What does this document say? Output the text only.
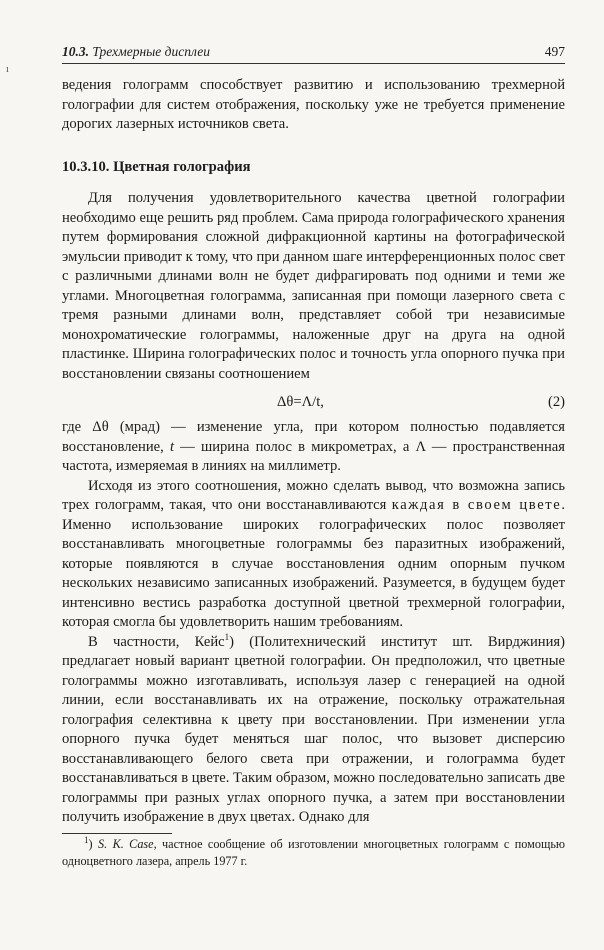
10.3. Трехмерные дисплеи	497
ı

ведения голограмм способствует развитию и использованию трехмерной голографии для систем отображения, поскольку уже не требуется применение дорогих лазерных источников света.

10.3.10. Цветная голография

Для получения удовлетворительного качества цветной голографии необходимо еще решить ряд проблем. Сама природа голографического хранения путем формирования сложной дифракционной картины на фотографической эмульсии приводит к тому, что при данном шаге интерференционных полос свет с различными длинами волн не будет дифрагировать под одними и теми же углами. Многоцветная голограмма, записанная при помощи лазерного света с тремя разными длинами волн, представляет собой три независимые монохроматические голограммы, наложенные друг на друга на одной пластинке. Ширина голографических полос и точность угла опорного пучка при восстановлении связаны соотношением

Δθ=Λ/t,	(2)

где Δθ (мрад) — изменение угла, при котором полностью подавляется восстановление, t — ширина полос в микрометрах, а Λ — пространственная частота, измеряемая в линиях на миллиметр.

Исходя из этого соотношения, можно сделать вывод, что возможна запись трех голограмм, такая, что они восстанавливаются каждая в своем цвете. Именно использование широких голографических полос позволяет восстанавливать многоцветные голограммы без паразитных изображений, которые появляются в случае восстановления одним опорным пучком нескольких независимо записанных изображений. Разумеется, в будущем будет интенсивно вестись разработка доступной цветной трехмерной голографии, которая смогла бы удовлетворить нашим требованиям.

В частности, Кейс$^1$) (Политехнический институт шт. Вирджиния) предлагает новый вариант цветной голографии. Он предположил, что цветные голограммы можно изготавливать, используя лазер с генерацией на одной линии, если восстанавливать их на отражение, поскольку отражательная голография селективна к цвету при восстановлении. При изменении угла опорного пучка будет меняться шаг полос, что вызовет дисперсию восстанавливающего белого света при отражении, и голограмма будет восстанавливаться в цвете. Таким образом, можно последовательно записать две голограммы при разных углах опорного пучка, а затем при восстановлении получить изображение в двух цветах. Однако для

$^1$) S. K. Case, частное сообщение об изготовлении многоцветных голограмм с помощью одноцветного лазера, апрель 1977 г.
